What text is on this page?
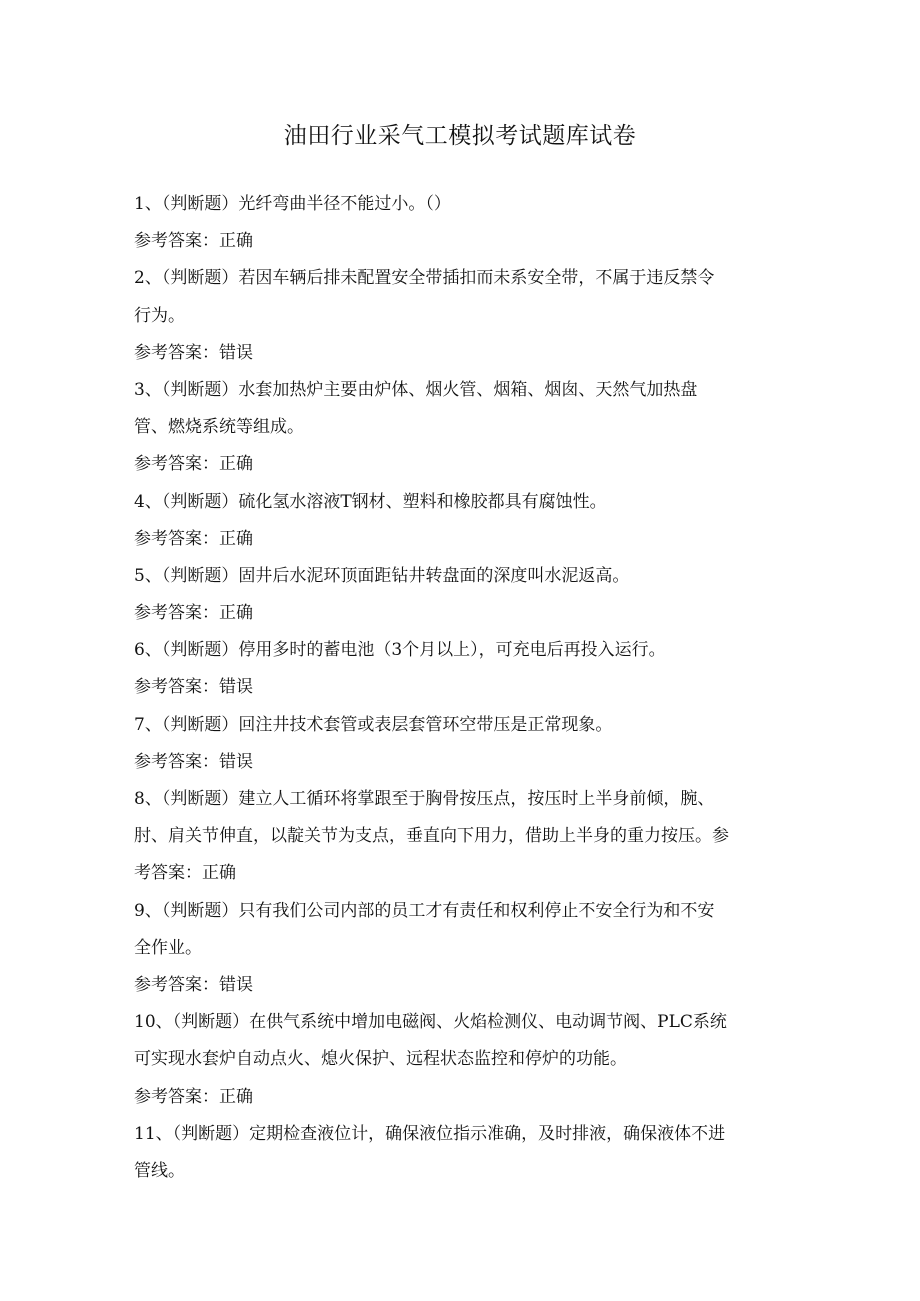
油田行业采气工模拟考试题库试卷
1、（判断题）光纤弯曲半径不能过小。（）
参考答案：正确
2、（判断题）若因车辆后排未配置安全带插扣而未系安全带，不属于违反禁令
行为。
参考答案：错误
3、（判断题）水套加热炉主要由炉体、烟火管、烟箱、烟囱、天然气加热盘
管、燃烧系统等组成。
参考答案：正确
4、（判断题）硫化氢水溶液T钢材、塑料和橡胶都具有腐蚀性。
参考答案：正确
5、（判断题）固井后水泥环顶面距钻井转盘面的深度叫水泥返高。
参考答案：正确
6、（判断题）停用多时的蓄电池（3个月以上），可充电后再投入运行。
参考答案：错误
7、（判断题）回注井技术套管或表层套管环空带压是正常现象。
参考答案：错误
8、（判断题）建立人工循环将掌跟至于胸骨按压点，按压时上半身前倾，腕、
肘、肩关节伸直，以靛关节为支点，垂直向下用力，借助上半身的重力按压。参
考答案：正确
9、（判断题）只有我们公司内部的员工才有责任和权利停止不安全行为和不安
全作业。
参考答案：错误
10、（判断题）在供气系统中增加电磁阀、火焰检测仪、电动调节阀、PLC系统
可实现水套炉自动点火、熄火保护、远程状态监控和停炉的功能。
参考答案：正确
11、（判断题）定期检查液位计，确保液位指示准确，及时排液，确保液体不进
管线。
